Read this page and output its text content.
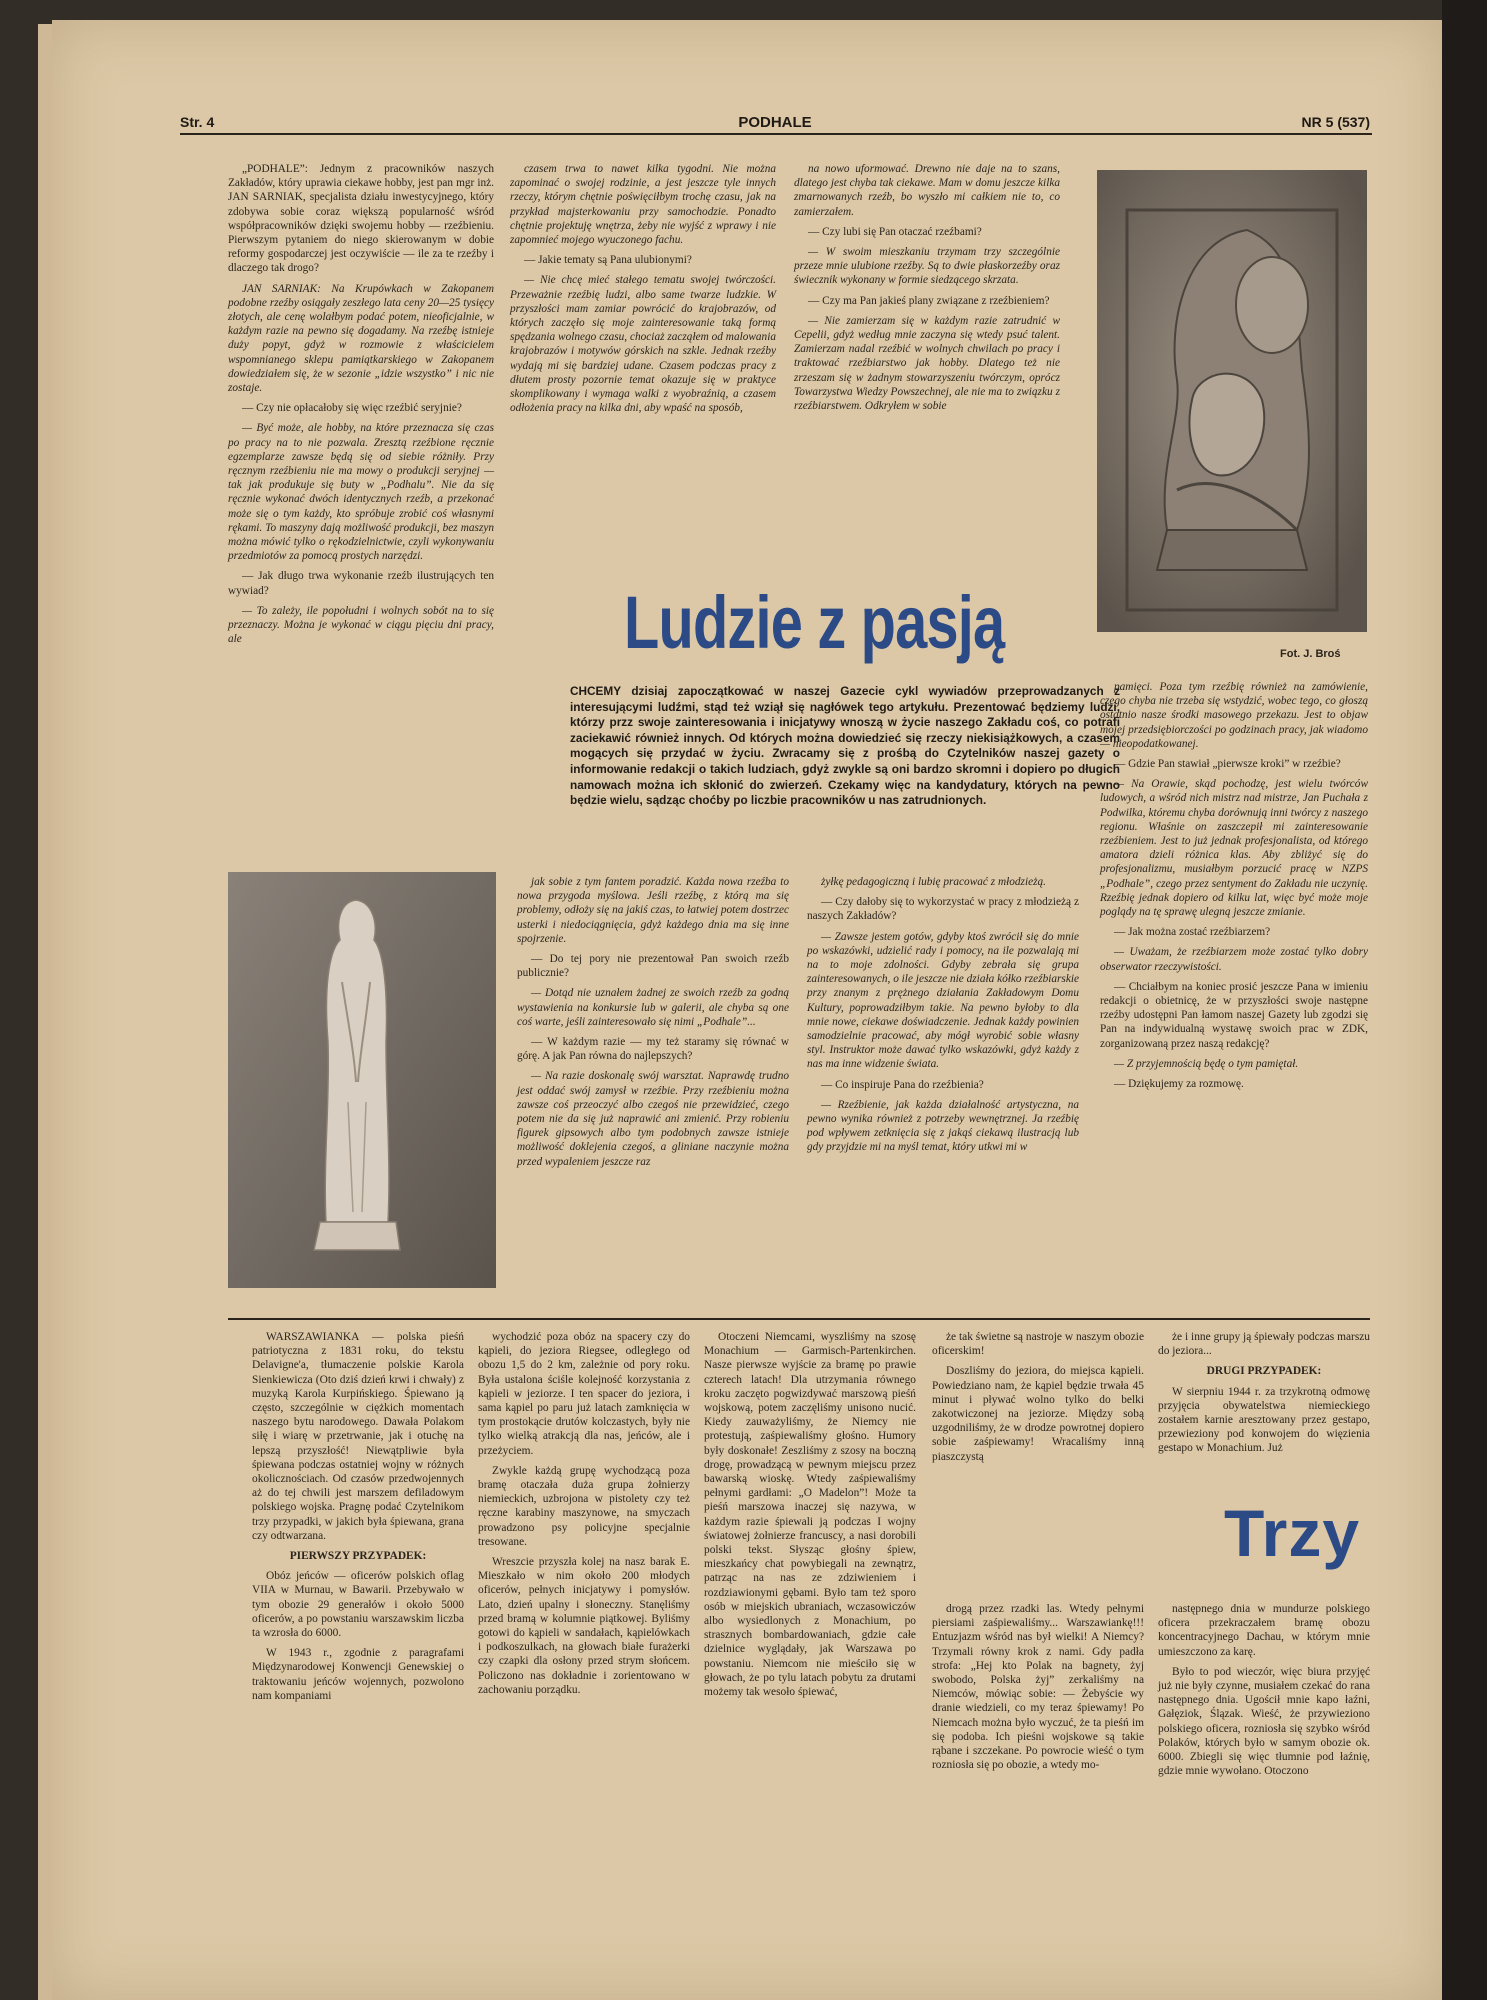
Str. 4	PODHALE	NR 5 (537)

„PODHALE”: Jednym z pracowników naszych Zakładów, który uprawia ciekawe hobby, jest pan mgr inż. JAN SARNIAK, specjalista działu inwestycyjnego, który zdobywa sobie coraz większą popularność wśród współpracowników dzięki swojemu hobby — rzeźbieniu. Pierwszym pytaniem do niego skierowanym w dobie reformy gospodarczej jest oczywiście — ile za te rzeźby i dlaczego tak drogo?

JAN SARNIAK: Na Krupówkach w Zakopanem podobne rzeźby osiągały zeszłego lata ceny 20—25 tysięcy złotych, ale cenę wolałbym podać potem, nieoficjalnie, w każdym razie na pewno się dogadamy. Na rzeźbę istnieje duży popyt, gdyż w rozmowie z właścicielem wspomnianego sklepu pamiątkarskiego w Zakopanem dowiedziałem się, że w sezonie „idzie wszystko” i nic nie zostaje.

— Czy nie opłacałoby się więc rzeźbić seryjnie?

— Być może, ale hobby, na które przeznacza się czas po pracy na to nie pozwala. Zresztą rzeźbione ręcznie egzemplarze zawsze będą się od siebie różniły. Przy ręcznym rzeźbieniu nie ma mowy o produkcji seryjnej — tak jak produkuje się buty w „Podhalu”. Nie da się ręcznie wykonać dwóch identycznych rzeźb, a przekonać może się o tym każdy, kto spróbuje zrobić coś własnymi rękami. To maszyny dają możliwość produkcji, bez maszyn można mówić tylko o rękodzielnictwie, czyli wykonywaniu przedmiotów za pomocą prostych narzędzi.

— Jak długo trwa wykonanie rzeźb ilustrujących ten wywiad?

— To zależy, ile popołudni i wolnych sobót na to się przeznaczy. Można je wykonać w ciągu pięciu dni pracy, ale

czasem trwa to nawet kilka tygodni. Nie można zapominać o swojej rodzinie, a jest jeszcze tyle innych rzeczy, którym chętnie poświęciłbym trochę czasu, jak na przykład majsterkowaniu przy samochodzie. Ponadto chętnie projektuję wnętrza, żeby nie wyjść z wprawy i nie zapomnieć mojego wyuczonego fachu.

— Jakie tematy są Pana ulubionymi?

— Nie chcę mieć stałego tematu swojej twórczości. Przeważnie rzeźbię ludzi, albo same twarze ludzkie. W przyszłości mam zamiar powrócić do krajobrazów, od których zaczęło się moje zainteresowanie taką formą spędzania wolnego czasu, chociaż zacząłem od malowania krajobrazów i motywów górskich na szkle. Jednak rzeźby wydają mi się bardziej udane. Czasem podczas pracy z dłutem prosty pozornie temat okazuje się w praktyce skomplikowany i wymaga walki z wyobraźnią, a czasem odłożenia pracy na kilka dni, aby wpaść na sposób,

na nowo uformować. Drewno nie daje na to szans, dlatego jest chyba tak ciekawe. Mam w domu jeszcze kilka zmarnowanych rzeźb, bo wyszło mi całkiem nie to, co zamierzałem.

— Czy lubi się Pan otaczać rzeźbami?

— W swoim mieszkaniu trzymam trzy szczególnie przeze mnie ulubione rzeźby. Są to dwie płaskorzeźby oraz świecznik wykonany w formie siedzącego skrzata.

— Czy ma Pan jakieś plany związane z rzeźbieniem?

— Nie zamierzam się w każdym razie zatrudnić w Cepelii, gdyż według mnie zaczyna się wtedy psuć talent. Zamierzam nadal rzeźbić w wolnych chwilach po pracy i traktować rzeźbiarstwo jak hobby. Dlatego też nie zrzeszam się w żadnym stowarzyszeniu twórczym, oprócz Towarzystwa Wiedzy Powszechnej, ale nie ma to związku z rzeźbiarstwem. Odkryłem w sobie

Fot. J. Broś
Ludzie z pasją
CHCEMY dzisiaj zapoczątkować w naszej Gazecie cykl wywiadów przeprowadzanych z interesującymi ludźmi, stąd też wziął się nagłówek tego artykułu. Prezentować będziemy ludzi, którzy przz swoje zainteresowania i inicjatywy wnoszą w życie naszego Zakładu coś, co potrafi zaciekawić również innych. Od których można dowiedzieć się rzeczy niekisiążkowych, a czasem mogących się przydać w życiu. Zwracamy się z prośbą do Czytelników naszej gazety o informowanie redakcji o takich ludziach, gdyż zwykle są oni bardzo skromni i dopiero po długich namowach można ich skłonić do zwierzeń. Czekamy więc na kandydatury, których na pewno będzie wielu, sądząc choćby po liczbie pracowników u nas zatrudnionych.

pamięci. Poza tym rzeźbię również na zamówienie, czego chyba nie trzeba się wstydzić, wobec tego, co głoszą ostatnio nasze środki masowego przekazu. Jest to objaw mojej przedsiębiorczości po godzinach pracy, jak wiadomo — nieopodatkowanej.

— Gdzie Pan stawiał „pierwsze kroki” w rzeźbie?

— Na Orawie, skąd pochodzę, jest wielu twórców ludowych, a wśród nich mistrz nad mistrze, Jan Puchała z Podwilka, któremu chyba dorównują inni twórcy z naszego regionu. Właśnie on zaszczepił mi zainteresowanie rzeźbieniem. Jest to już jednak profesjonalista, od którego amatora dzieli różnica klas. Aby zbliżyć się do profesjonalizmu, musiałbym porzucić pracę w NZPS „Podhale”, czego przez sentyment do Zakładu nie uczynię. Rzeźbię jednak dopiero od kilku lat, więc być może moje poglądy na tę sprawę ulegną jeszcze zmianie.

— Jak można zostać rzeźbiarzem?

— Uważam, że rzeźbiarzem może zostać tylko dobry obserwator rzeczywistości.

— Chciałbym na koniec prosić jeszcze Pana w imieniu redakcji o obietnicę, że w przyszłości swoje następne rzeźby udostępni Pan łamom naszej Gazety lub zgodzi się Pan na indywidualną wystawę swoich prac w ZDK, zorganizowaną przez naszą redakcję?

— Z przyjemnością będę o tym pamiętał.

— Dziękujemy za rozmowę.

jak sobie z tym fantem poradzić. Każda nowa rzeźba to nowa przygoda myślowa. Jeśli rzeźbę, z którą ma się problemy, odłoży się na jakiś czas, to łatwiej potem dostrzec usterki i niedociągnięcia, gdyż każdego dnia ma się inne spojrzenie.

— Do tej pory nie prezentował Pan swoich rzeźb publicznie?

— Dotąd nie uznałem żadnej ze swoich rzeźb za godną wystawienia na konkursie lub w galerii, ale chyba są one coś warte, jeśli zainteresowało się nimi „Podhale”...

— W każdym razie — my też staramy się równać w górę. A jak Pan równa do najlepszych?

— Na razie doskonalę swój warsztat. Naprawdę trudno jest oddać swój zamysł w rzeźbie. Przy rzeźbieniu można zawsze coś przeoczyć albo czegoś nie przewidzieć, czego potem nie da się już naprawić ani zmienić. Przy robieniu figurek gipsowych albo tym podobnych zawsze istnieje możliwość doklejenia czegoś, a gliniane naczynie można przed wypaleniem jeszcze raz

żyłkę pedagogiczną i lubię pracować z młodzieżą.

— Czy dałoby się to wykorzystać w pracy z młodzieżą z naszych Zakładów?

— Zawsze jestem gotów, gdyby ktoś zwrócił się do mnie po wskazówki, udzielić rady i pomocy, na ile pozwalają mi na to moje zdolności. Gdyby zebrała się grupa zainteresowanych, o ile jeszcze nie działa kółko rzeźbiarskie przy znanym z prężnego działania Zakładowym Domu Kultury, poprowadziłbym takie. Na pewno byłoby to dla mnie nowe, ciekawe doświadczenie. Jednak każdy powinien samodzielnie pracować, aby mógł wyrobić sobie własny styl. Instruktor może dawać tylko wskazówki, gdyż każdy z nas ma inne widzenie świata.

— Co inspiruje Pana do rzeźbienia?

— Rzeźbienie, jak każda działalność artystyczna, na pewno wynika również z potrzeby wewnętrznej. Ja rzeźbię pod wpływem zetknięcia się z jakąś ciekawą ilustracją lub gdy przyjdzie mi na myśl temat, który utkwi mi w

WARSZAWIANKA — polska pieśń patriotyczna z 1831 roku, do tekstu Delavigne'a, tłumaczenie polskie Karola Sienkiewicza (Oto dziś dzień krwi i chwały) z muzyką Karola Kurpińskiego. Śpiewano ją często, szczególnie w ciężkich momentach naszego bytu narodowego. Dawała Polakom siłę i wiarę w przetrwanie, jak i otuchę na lepszą przyszłość! Niewątpliwie była śpiewana podczas ostatniej wojny w różnych okolicznościach. Od czasów przedwojennych aż do tej chwili jest marszem defiladowym polskiego wojska. Pragnę podać Czytelnikom trzy przypadki, w jakich była śpiewana, grana czy odtwarzana.

PIERWSZY PRZYPADEK:

Obóz jeńców — oficerów polskich oflag VIIA w Murnau, w Bawarii. Przebywało w tym obozie 29 generałów i około 5000 oficerów, a po powstaniu warszawskim liczba ta wzrosła do 6000.

W 1943 r., zgodnie z paragrafami Międzynarodowej Konwencji Genewskiej o traktowaniu jeńców wojennych, pozwolono nam kompaniami

wychodzić poza obóz na spacery czy do kąpieli, do jeziora Riegsee, odległego od obozu 1,5 do 2 km, zależnie od pory roku. Była ustalona ściśle kolejność korzystania z kąpieli w jeziorze. I ten spacer do jeziora, i sama kąpiel po paru już latach zamknięcia w tym prostokącie drutów kolczastych, były nie tylko wielką atrakcją dla nas, jeńców, ale i przeżyciem.

Zwykle każdą grupę wychodzącą poza bramę otaczała duża grupa żołnierzy niemieckich, uzbrojona w pistolety czy też ręczne karabiny maszynowe, na smyczach prowadzono psy policyjne specjalnie tresowane.

Wreszcie przyszła kolej na nasz barak E. Mieszkało w nim około 200 młodych oficerów, pełnych inicjatywy i pomysłów. Lato, dzień upalny i słoneczny. Stanęliśmy przed bramą w kolumnie piątkowej. Byliśmy gotowi do kąpieli w sandałach, kąpielówkach i podkoszulkach, na głowach białe furażerki czy czapki dla osłony przed strym słońcem. Policzono nas dokładnie i zorientowano w zachowaniu porządku.

Otoczeni Niemcami, wyszliśmy na szosę Monachium — Garmisch-Partenkirchen. Nasze pierwsze wyjście za bramę po prawie czterech latach! Dla utrzymania równego kroku zaczęto pogwizdywać marszową pieśń wojskową, potem zaczęliśmy unisono nucić. Kiedy zauważyliśmy, że Niemcy nie protestują, zaśpiewaliśmy głośno. Humory były doskonałe! Zeszliśmy z szosy na boczną drogę, prowadzącą w pewnym miejscu przez bawarską wioskę. Wtedy zaśpiewaliśmy pełnymi gardłami: „O Madelon”! Może ta pieśń marszowa inaczej się nazywa, w każdym razie śpiewali ją podczas I wojny światowej żołnierze francuscy, a nasi dorobili polski tekst. Słysząc głośny śpiew, mieszkańcy chat powybiegali na zewnątrz, patrząc na nas ze zdziwieniem i rozdziawionymi gębami. Było tam też sporo osób w miejskich ubraniach, wczasowiczów albo wysiedlonych z Monachium, po strasznych bombardowaniach, gdzie całe dzielnice wyglądały, jak Warszawa po powstaniu. Niemcom nie mieściło się w głowach, że po tylu latach pobytu za drutami możemy tak wesoło śpiewać,

że tak świetne są nastroje w naszym obozie oficerskim!

Doszliśmy do jeziora, do miejsca kąpieli. Powiedziano nam, że kąpiel będzie trwała 45 minut i pływać wolno tylko do belki zakotwiczonej na jeziorze. Między sobą uzgodniliśmy, że w drodze powrotnej dopiero sobie zaśpiewamy! Wracaliśmy inną piaszczystą

że i inne grupy ją śpiewały podczas marszu do jeziora...

DRUGI PRZYPADEK:

W sierpniu 1944 r. za trzykrotną odmowę przyjęcia obywatelstwa niemieckiego zostałem karnie aresztowany przez gestapo, przewieziony pod konwojem do więzienia gestapo w Monachium. Już

Trzy

drogą przez rzadki las. Wtedy pełnymi piersiami zaśpiewaliśmy... Warszawiankę!!! Entuzjazm wśród nas był wielki! A Niemcy? Trzymali równy krok z nami. Gdy padła strofa: „Hej kto Polak na bagnety, żyj swobodo, Polska żyj” zerkaliśmy na Niemców, mówiąc sobie: — Żebyście wy dranie wiedzieli, co my teraz śpiewamy! Po Niemcach można było wyczuć, że ta pieśń im się podoba. Ich pieśni wojskowe są takie rąbane i szczekane. Po powrocie wieść o tym rozniosła się po obozie, a wtedy mo-

następnego dnia w mundurze polskiego oficera przekraczałem bramę obozu koncentracyjnego Dachau, w którym mnie umieszczono za karę.

Było to pod wieczór, więc biura przyjęć już nie były czynne, musiałem czekać do rana następnego dnia. Ugościł mnie kapo łaźni, Gałęziok, Ślązak. Wieść, że przywieziono polskiego oficera, rozniosła się szybko wśród Polaków, których było w samym obozie ok. 6000. Zbiegli się więc tłumnie pod łaźnię, gdzie mnie wywołano. Otoczono
